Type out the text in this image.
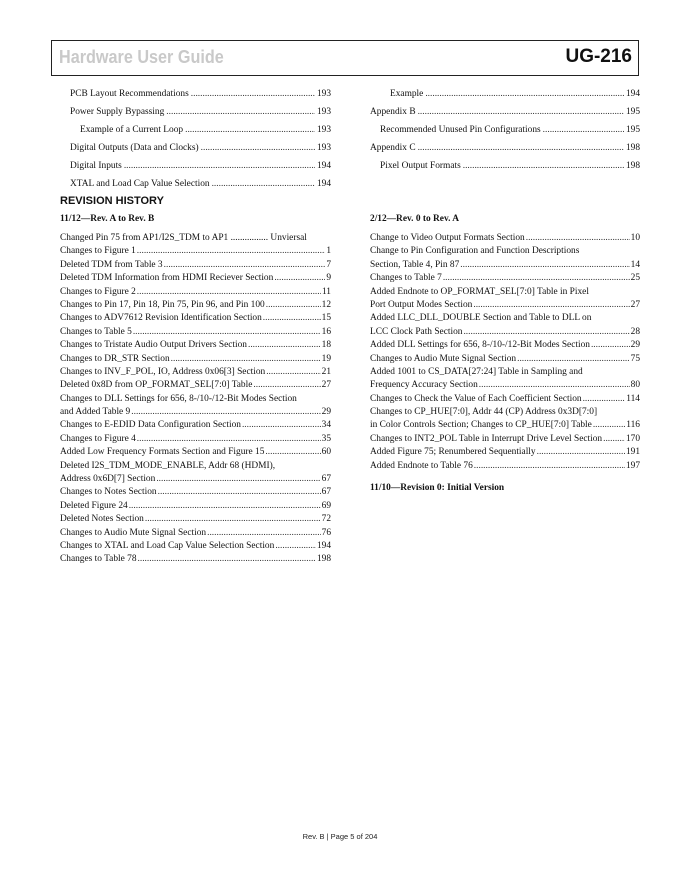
Hardware User Guide	UG-216
PCB Layout Recommendations .....	193
Power Supply Bypassing .....	193
Example of a Current Loop .....	193
Digital Outputs (Data and Clocks) .....	193
Digital Inputs .....	194
XTAL and Load Cap Value Selection .....	194
Example .....	194
Appendix B .....	195
Recommended Unused Pin Configurations .....	195
Appendix C .....	198
Pixel Output Formats .....	198
REVISION HISTORY
11/12—Rev. A to Rev. B
Changed Pin 75 from AP1/I2S_TDM to AP1 ................ Unviersal
Changes to Figure 1 .....	1
Deleted TDM from Table 3 .....	7
Deleted TDM Information from HDMI Reciever Section .....	9
Changes to Figure 2 .....	11
Changes to Pin 17, Pin 18, Pin 75, Pin 96, and Pin 100 .....	12
Changes to ADV7612 Revision Identification Section .....	15
Changes to Table 5 .....	16
Changes to Tristate Audio Output Drivers Section .....	18
Changes to DR_STR Section .....	19
Changes to INV_F_POL, IO, Address 0x06[3] Section .....	21
Deleted 0x8D from OP_FORMAT_SEL[7:0] Table .....	27
Changes to DLL Settings for 656, 8-/10-/12-Bit Modes Section
and Added Table 9 .....	29
Changes to E-EDID Data Configuration Section .....	34
Changes to Figure 4 .....	35
Added Low Frequency Formats Section and Figure 15 .....	60
Deleted I2S_TDM_MODE_ENABLE, Addr 68 (HDMI),
Address 0x6D[7] Section .....	67
Changes to Notes Section .....	67
Deleted Figure 24 .....	69
Deleted Notes Section .....	72
Changes to Audio Mute Signal Section .....	76
Changes to XTAL and Load Cap Value Selection Section .....	194
Changes to Table 78 .....	198
2/12—Rev. 0 to Rev. A
Change to Video Output Formats Section .....	10
Change to Pin Configuration and Function Descriptions
Section, Table 4, Pin 87 .....	14
Changes to Table 7 .....	25
Added Endnote to OP_FORMAT_SEL[7:0] Table in Pixel
Port Output Modes Section .....	27
Added LLC_DLL_DOUBLE Section and Table to DLL on
LCC Clock Path Section .....	28
Added DLL Settings for 656, 8-/10-/12-Bit Modes Section .....	29
Changes to Audio Mute Signal Section .....	75
Added 1001 to CS_DATA[27:24] Table in Sampling and
Frequency Accuracy Section .....	80
Changes to Check the Value of Each Coefficient Section .....	114
Changes to CP_HUE[7:0], Addr 44 (CP) Address 0x3D[7:0]
in Color Controls Section; Changes to CP_HUE[7:0] Table .....	116
Changes to INT2_POL Table in Interrupt Drive Level Section .....	170
Added Figure 75; Renumbered Sequentially .....	191
Added Endnote to Table 76 .....	197
11/10—Revision 0: Initial Version
Rev. B | Page 5 of 204
